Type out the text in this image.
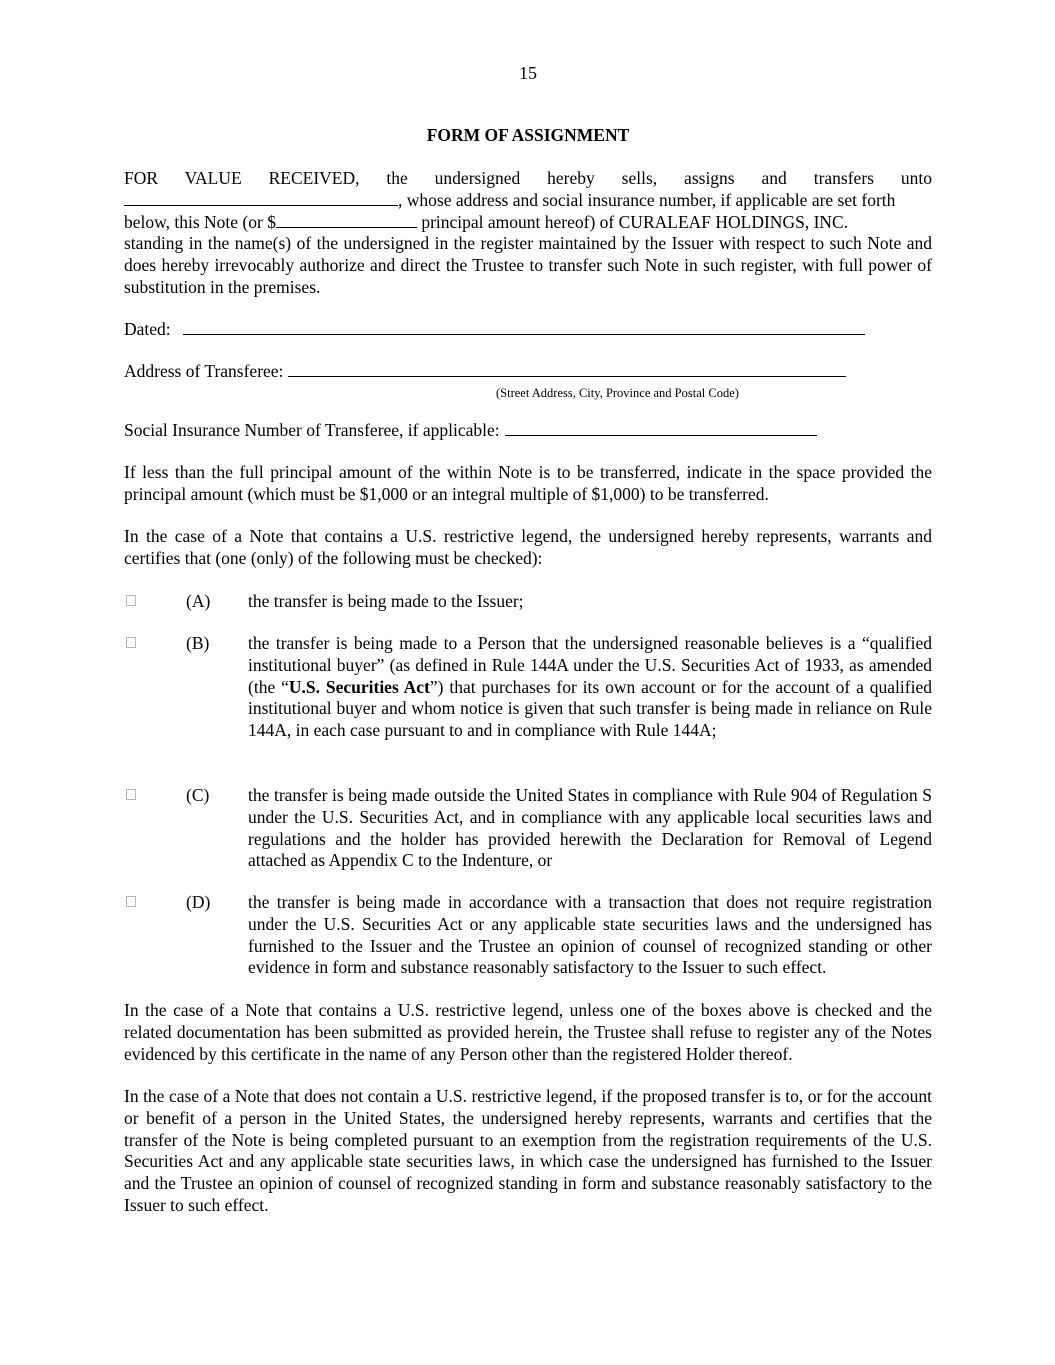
15
FORM OF ASSIGNMENT
FOR VALUE RECEIVED, the undersigned hereby sells, assigns and transfers unto
, whose address and social insurance number, if applicable are set forth
below, this Note (or $	principal amount hereof) of CURALEAF HOLDINGS, INC.
standing in the name(s) of the undersigned in the register maintained by the Issuer with respect to such Note and does hereby irrevocably authorize and direct the Trustee to transfer such Note in such register, with full power of substitution in the premises.
Dated:
Address of Transferee:
(Street Address, City, Province and Postal Code)
Social Insurance Number of Transferee, if applicable:
If less than the full principal amount of the within Note is to be transferred, indicate in the space provided the principal amount (which must be $1,000 or an integral multiple of $1,000) to be transferred.
In the case of a Note that contains a U.S. restrictive legend, the undersigned hereby represents, warrants and certifies that (one (only) of the following must be checked):
(A) the transfer is being made to the Issuer;
(B) the transfer is being made to a Person that the undersigned reasonable believes is a “qualified institutional buyer” (as defined in Rule 144A under the U.S. Securities Act of 1933, as amended (the “U.S. Securities Act”) that purchases for its own account or for the account of a qualified institutional buyer and whom notice is given that such transfer is being made in reliance on Rule 144A, in each case pursuant to and in compliance with Rule 144A;
(C) the transfer is being made outside the United States in compliance with Rule 904 of Regulation S under the U.S. Securities Act, and in compliance with any applicable local securities laws and regulations and the holder has provided herewith the Declaration for Removal of Legend attached as Appendix C to the Indenture, or
(D) the transfer is being made in accordance with a transaction that does not require registration under the U.S. Securities Act or any applicable state securities laws and the undersigned has furnished to the Issuer and the Trustee an opinion of counsel of recognized standing or other evidence in form and substance reasonably satisfactory to the Issuer to such effect.
In the case of a Note that contains a U.S. restrictive legend, unless one of the boxes above is checked and the related documentation has been submitted as provided herein, the Trustee shall refuse to register any of the Notes evidenced by this certificate in the name of any Person other than the registered Holder thereof.
In the case of a Note that does not contain a U.S. restrictive legend, if the proposed transfer is to, or for the account or benefit of a person in the United States, the undersigned hereby represents, warrants and certifies that the transfer of the Note is being completed pursuant to an exemption from the registration requirements of the U.S. Securities Act and any applicable state securities laws, in which case the undersigned has furnished to the Issuer and the Trustee an opinion of counsel of recognized standing in form and substance reasonably satisfactory to the Issuer to such effect.
